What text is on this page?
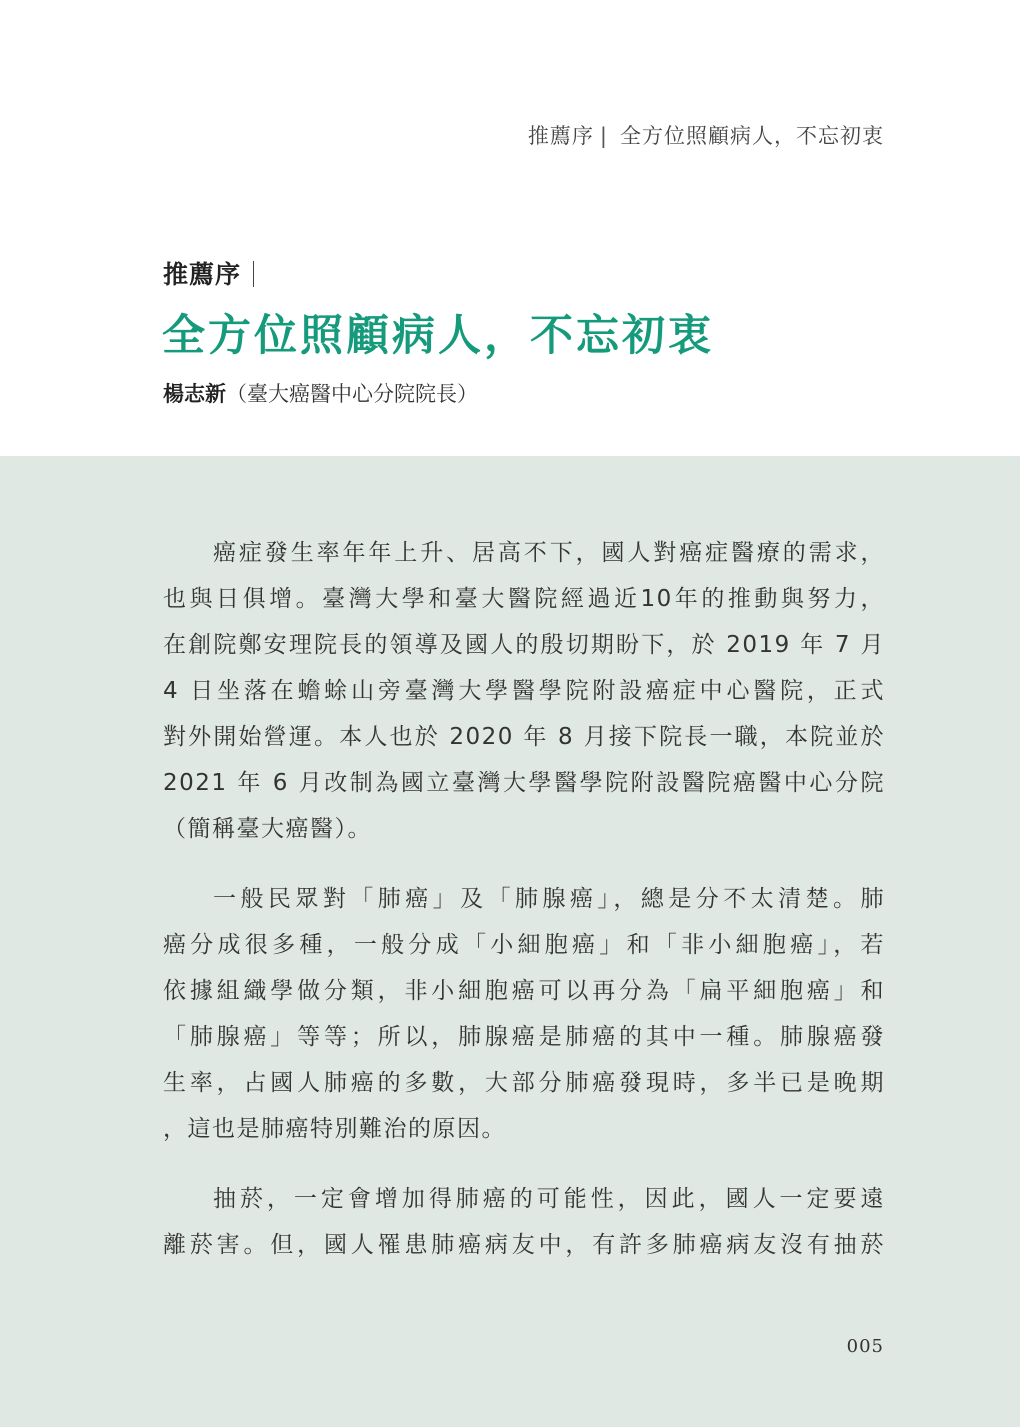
推薦序 | 全方位照顧病人，不忘初衷
推薦序
全方位照顧病人，不忘初衷
楊志新（臺大癌醫中心分院院長）

癌症發生率年年上升、居高不下，國人對癌症醫療的需求，
也與日俱增。臺灣大學和臺大醫院經過近10年的推動與努力，
在創院鄭安理院長的領導及國人的殷切期盼下，於 2019 年 7 月
4 日坐落在蟾蜍山旁臺灣大學醫學院附設癌症中心醫院，正式
對外開始營運。本人也於 2020 年 8 月接下院長一職，本院並於
2021 年 6 月改制為國立臺灣大學醫學院附設醫院癌醫中心分院
（簡稱臺大癌醫）。

一般民眾對「肺癌」及「肺腺癌」，總是分不太清楚。肺
癌分成很多種，一般分成「小細胞癌」和「非小細胞癌」，若
依據組織學做分類，非小細胞癌可以再分為「扁平細胞癌」和
「肺腺癌」等等；所以，肺腺癌是肺癌的其中一種。肺腺癌發
生率，占國人肺癌的多數，大部分肺癌發現時，多半已是晚期
，這也是肺癌特別難治的原因。

抽菸，一定會增加得肺癌的可能性，因此，國人一定要遠
離菸害。但，國人罹患肺癌病友中，有許多肺癌病友沒有抽菸

005
